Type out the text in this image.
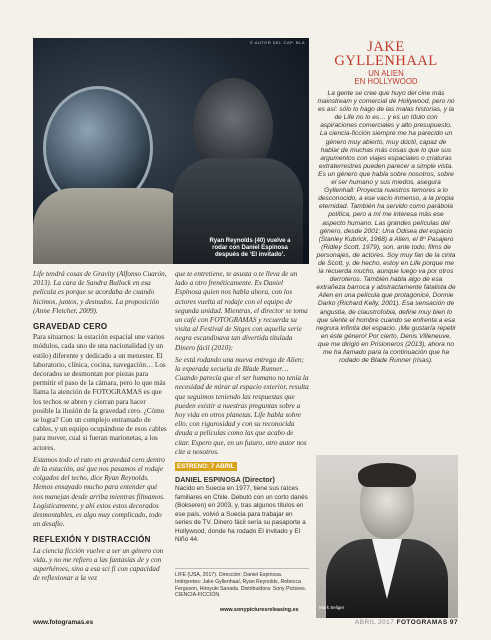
© AUTOR DEL CAP. BLA
Ryan Reynolds (40) vuelve a rodar con Daniel Espinosa después de ‘El invitado’.

Life tendrá cosas de Gravity (Alfonso Cuarón, 2013). La cara de Sandra Bullock en esa película es porque se acordaba de cuando hicimos, juntos, y desnudos. La proposición (Anne Fletcher, 2009).

GRAVEDAD CERO

Para situarnos: la estación espacial une varios módulos, cada uno de una nacionalidad (y un estilo) diferente y dedicado a un menester. El laboratorio, clínica, cocina, navegación… Los decorados se desmontan por piezas para permitir el paso de la cámara, pero lo que más llama la atención de FOTOGRAMAS es que los techos se abren y cierran para hacer posible la ilusión de la gravedad cero. ¿Cómo se logra? Con un complejo entramado de cables, y un equipo ocupándose de esos cables para mover, cual si fueran marionetas, a los actores.

Estamos todo el rato en gravedad cero dentro de la estación, así que nos pasamos el rodaje colgados del techo, dice Ryan Reynolds. Hemos ensayado mucho para entender qué nos manejan desde arriba mientras filmamos. Logísticamente, y ahí estos estos decorados desmontables, es algo muy complicado, todo un desafío.

REFLEXIÓN Y DISTRACCIÓN

La ciencia ficción vuelve a ser un género con vida, y no me refiero a las fantasías de y con superhéroes, sino a esa sci fi con capacidad de reflexionar a la vez

que te entretiene, te asusta o te lleva de un lado a otro frenéticamente. Es Daniel Espinosa quien nos habla ahora, con los actores vuelta al rodaje con el equipo de segunda unidad. Mientras, el director se toma un café con FOTOGRAMAS y recuerda su visita al Festival de Sitges con aquella serie negra escandinava tan divertida titulada Dinero fácil (2010):

Se está rodando una nueva entrega de Alien; la esperada secuela de Blade Runner… Cuando parecía que el ser humano no tenía la necesidad de mirar al espacio exterior, resulta que seguimos teniendo las respuestas que pueden existir a nuestras preguntas sobre a hoy vida en otros planetas. Life habla sobre ello, con rigurosidad y con su reconocida deuda a películas como las que acabo de citar. Espero que, en un futuro, otro autor nos cite a nosotros.

ESTRENO: 7 ABRIL
DANIEL ESPINOSA (Director)
Nacido en Suecia en 1977, tiene sus raíces familiares en Chile. Debutó con un corto danés (Bokseren) en 2003, y, tras algunos títulos en ese país, volvió a Suecia para trabajar en series de TV. Dinero fácil sería su pasaporte a Hollywood, donde ha rodado El invitado y El Niño 44.
LIFE (USA, 2017). Dirección: Daniel Espinosa. Intérpretes: Jake Gyllenhaal, Ryan Reynolds, Rebecca Ferguson, Hiroyuki Sanada. Distribuidora: Sony Pictures. CIENCIA-FICCIÓN.
www.sonypicturesreleasing.es
JAKE
GYLLENHAAL
UN ALIEN
EN HOLLYWOOD
La gente se cree que huyo del cine más mainstream y comercial de Hollywood, pero no es así: sólo lo hago de las malas historias, y la de Life no lo es… y es un título con aspiraciones comerciales y alto presupuesto. La ciencia-ficción siempre me ha parecido un género muy abierto, muy dúctil, capaz de hablar de muchas más cosas que lo que sus argumentos con viajes espaciales o criaturas extraterrestres pueden parecer a simple vista. Es un género que habla sobre nosotros, sobre el ser humano y sus miedos, asegura Gyllenhall: Proyecta nuestros temores a lo desconocido, a ese vacío inmenso, a la propia eternidad. También ha servido como parábola política, pero a mí me interesa más ese aspecto humano. Las grandes películas del género, desde 2001: Una Odisea del espacio (Stanley Kubrick, 1968) a Alien, el 8º Pasajero (Ridley Scott, 1979), son, ante todo, films de personajes, de actores. Soy muy fan de la cinta de Scott, y, de hecho, estoy en Life porque me la recuerda mucho, aunque luego va por otros derroteros. También habla algo de esa extrañeza barroca y abstractamente fatalista de Alien en una película que protagonicé, Donnie Darko (Richard Kelly, 2001). Esa sensación de angustia, de claustrofobia, define muy bien lo que siente el hombre cuando se enfrenta a esa negrura infinita del espacio. ¡Me gustaría repetir en este género! Por cierto, Denis Villeneuve, que me dirigió en Prisioneros (2013), ahora no me ha llamado para la continuación que ha rodado de Blade Runner (risas).
Mark Seliger
www.fotogramas.es	ABRIL 2017 FOTOGRAMAS 97
